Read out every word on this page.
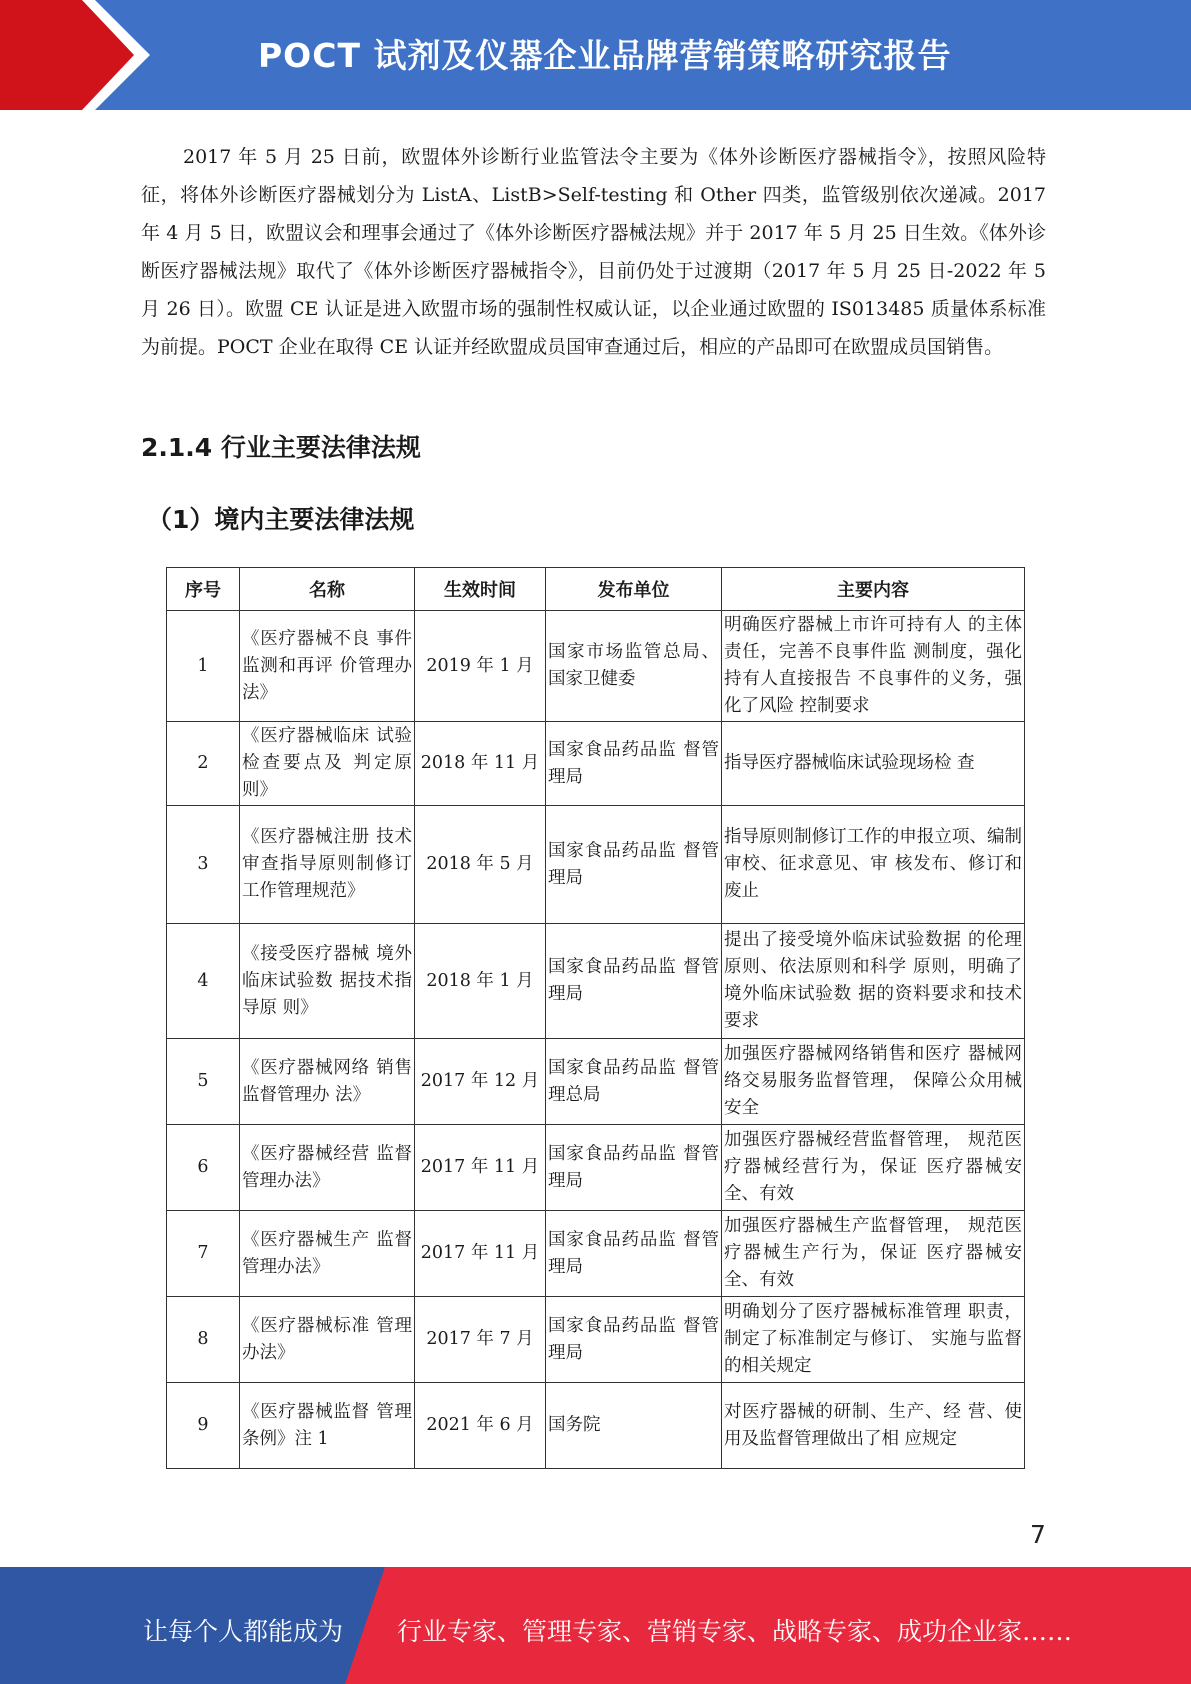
POCT 试剂及仪器企业品牌营销策略研究报告
2017 年 5 月 25 日前，欧盟体外诊断行业监管法令主要为《体外诊断医疗器械指令》，按照风险特征，将体外诊断医疗器械划分为 ListA、ListB>Self-testing 和 Other 四类，监管级别依次递减。2017 年 4 月 5 日，欧盟议会和理事会通过了《体外诊断医疗器械法规》并于 2017 年 5 月 25 日生效。《体外诊断医疗器械法规》取代了《体外诊断医疗器械指令》，目前仍处于过渡期（2017 年 5 月 25 日-2022 年 5 月 26 日）。欧盟 CE 认证是进入欧盟市场的强制性权威认证，以企业通过欧盟的 IS013485 质量体系标准为前提。POCT 企业在取得 CE 认证并经欧盟成员国审查通过后，相应的产品即可在欧盟成员国销售。
2.1.4 行业主要法律法规
（1）境内主要法律法规
序号	名称	生效时间	发布单位	主要内容
1	《医疗器械不良 事件监测和再评 价管理办法》	2019 年 1 月	国家市场监管总局、国家卫健委	明确医疗器械上市许可持有人 的主体责任，完善不良事件监 测制度，强化持有人直接报告 不良事件的义务，强化了风险 控制要求
2	《医疗器械临床 试验检查要点及 判定原则》	2018 年 11 月	国家食品药品监 督管理局	指导医疗器械临床试验现场检 查
3	《医疗器械注册 技术审查指导原则制修订工作管理规范》	2018 年 5 月	国家食品药品监 督管理局	指导原则制修订工作的申报立项、编制审校、征求意见、审 核发布、修订和废止
4	《接受医疗器械 境外临床试验数 据技术指导原 则》	2018 年 1 月	国家食品药品监 督管理局	提出了接受境外临床试验数据 的伦理原则、依法原则和科学 原则，明确了境外临床试验数 据的资料要求和技术要求
5	《医疗器械网络 销售监督管理办 法》	2017 年 12 月	国家食品药品监 督管理总局	加强医疗器械网络销售和医疗 器械网络交易服务监督管理， 保障公众用械安全
6	《医疗器械经营 监督管理办法》	2017 年 11 月	国家食品药品监 督管理局	加强医疗器械经营监督管理， 规范医疗器械经营行为，保证 医疗器械安全、有效
7	《医疗器械生产 监督管理办法》	2017 年 11 月	国家食品药品监 督管理局	加强医疗器械生产监督管理， 规范医疗器械生产行为，保证 医疗器械安全、有效
8	《医疗器械标准 管理办法》	2017 年 7 月	国家食品药品监 督管理局	明确划分了医疗器械标准管理 职责，制定了标准制定与修订、 实施与监督的相关规定
9	《医疗器械监督 管理条例》注 1	2021 年 6 月	国务院	对医疗器械的研制、生产、经 营、使用及监督管理做出了相 应规定
7
让每个人都能成为 行业专家、管理专家、营销专家、战略专家、成功企业家……
